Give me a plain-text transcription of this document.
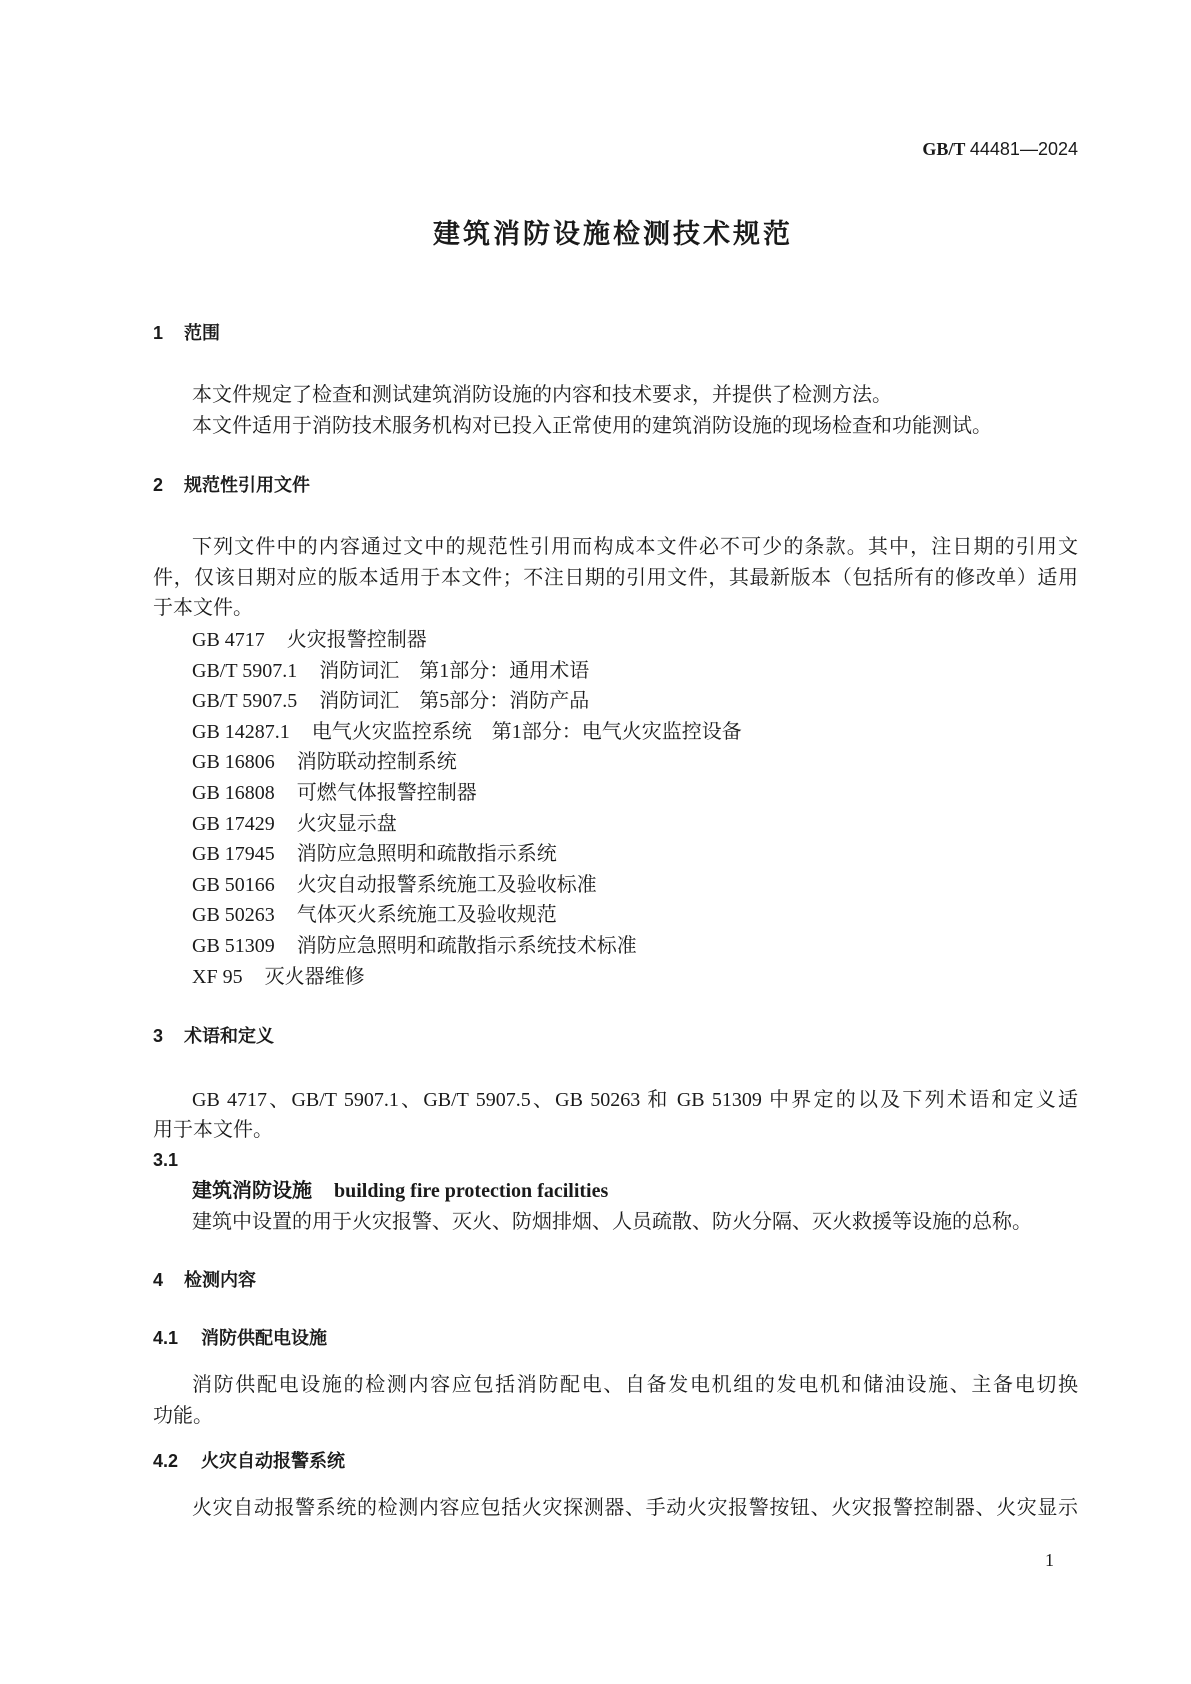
GB/T 44481—2024
建筑消防设施检测技术规范
1 范围
本文件规定了检查和测试建筑消防设施的内容和技术要求，并提供了检测方法。
本文件适用于消防技术服务机构对已投入正常使用的建筑消防设施的现场检查和功能测试。
2 规范性引用文件
下列文件中的内容通过文中的规范性引用而构成本文件必不可少的条款。其中，注日期的引用文
件，仅该日期对应的版本适用于本文件；不注日期的引用文件，其最新版本（包括所有的修改单）适用
于本文件。
GB 4717 火灾报警控制器
GB/T 5907.1 消防词汇　第1部分：通用术语
GB/T 5907.5 消防词汇　第5部分：消防产品
GB 14287.1 电气火灾监控系统　第1部分：电气火灾监控设备
GB 16806 消防联动控制系统
GB 16808 可燃气体报警控制器
GB 17429 火灾显示盘
GB 17945 消防应急照明和疏散指示系统
GB 50166 火灾自动报警系统施工及验收标准
GB 50263 气体灭火系统施工及验收规范
GB 51309 消防应急照明和疏散指示系统技术标准
XF 95 灭火器维修
3 术语和定义
GB 4717、GB/T 5907.1、GB/T 5907.5、GB 50263 和 GB 51309 中界定的以及下列术语和定义适
用于本文件。
3.1
建筑消防设施 building fire protection facilities
建筑中设置的用于火灾报警、灭火、防烟排烟、人员疏散、防火分隔、灭火救援等设施的总称。
4 检测内容
4.1 消防供配电设施
消防供配电设施的检测内容应包括消防配电、自备发电机组的发电机和储油设施、主备电切换
功能。
4.2 火灾自动报警系统
火灾自动报警系统的检测内容应包括火灾探测器、手动火灾报警按钮、火灾报警控制器、火灾显示
1
